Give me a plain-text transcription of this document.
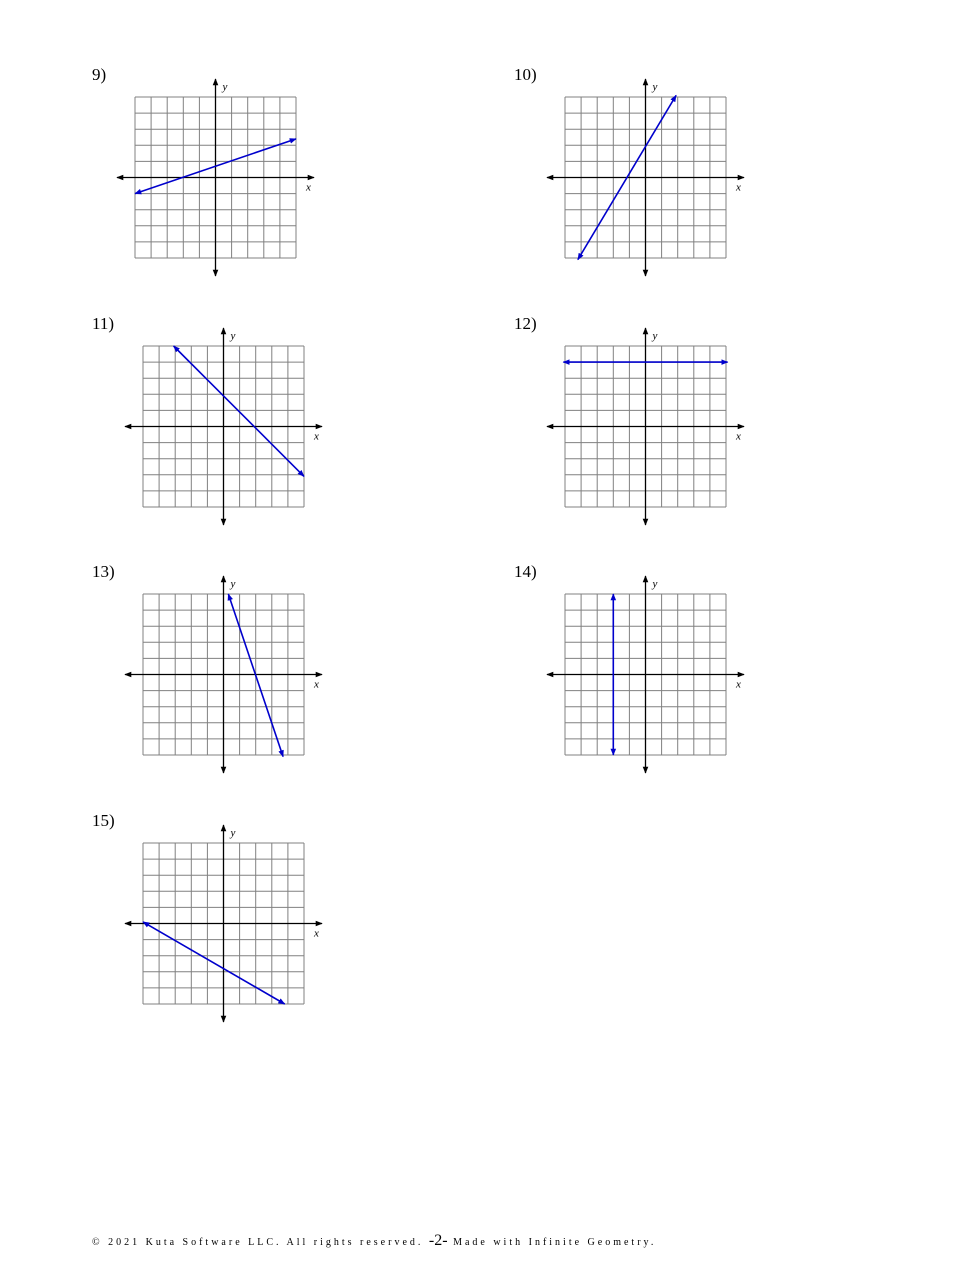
9)
x
y
10)
x
y
11)
x
y
12)
x
y
13)
x
y
14)
x
y
15)
x
y
© 2021 Kuta Software LLC. All rights reserved. -2- Made with Infinite Geometry.
